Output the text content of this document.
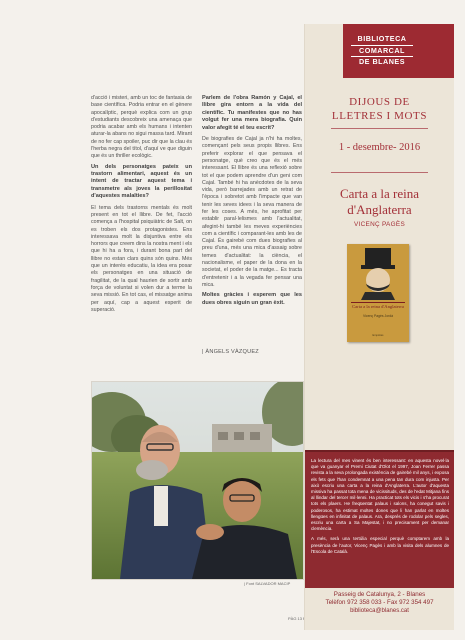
d'acció i misteri, amb un toc de fantasia de base científica. Podria entrar en el gènere apocalíptic, perquè explica com un grup d'estudiants descobreix una amenaça que podria acabar amb els humans i intenten aturar-la abans no sigui massa tard. Mirant de no fer cap spoiler, puc dir que la clau és l'herba negra del títol, d'aquí ve que diguin que és un thriller ecològic.

Un dels personatges pateix un trastorn alimentari, aquest és un intent de tractar aquest tema i transmetre als joves la perillositat d'aquestes malalties?

El tema dels trastorns mentals és molt present en tot el llibre. De fet, l'acció comença a l'hospital psiquiàtric de Salt, on es troben els dos protagonistes. Ens interessava molt la disjuntiva entre els horrors que creem dins la nostra ment i els que hi ha a fora, i durant bona part del llibre no estan clars quins són quins. Més que un interès educatiu, la idea era posar els personatges en una situació de fragilitat, de la qual haurien de sortir amb força de voluntat si volen dur a terme la seva missió. En tot cas, el missatge anima per aquí, cap a aquest esperit de superació.

Parlem de l'obra Ramón y Cajal, el llibre gira entorn a la vida del científic. Tu manifestes que no has volgut fer una mera biografia. Quin valor afegit té el teu escrit?

De biografies de Cajal ja n'hi ha moltes, començant pels seus propis llibres. Ens preferir explorar el que pensava el personatge, què creo que és el més interessant. El llibre és una reflexió sobre tot el que podem aprendre d'un geni com Cajal. També hi ha anècdotes de la seva vida, però barrejades amb un retrat de l'època i sobretot amb l'impacte que van tenir les seves idees i la seva manera de fer les coses. A més, he aprofitat per establir paral·lelismes amb l'actualitat, afegint-hi també les meves experiències com a científic i comparant-les amb les de Cajal. És gairebé com dues biografies al preu d'una, més una mica d'assaig sobre temes d'actualitat: la ciència, el nacionalisme, el paper de la dona en la societat, el poder de la matge... Es tracta d'entretenir i a la vegada fer pensar una mica.

Moltes gràcies i esperem que les dues obres siguin un gran èxit.

| ÀNGELS VÀZQUEZ
| Font SALVADOR MACIP
PÀG 13
BIBLIOTECA
COMARCAL
DE BLANES
DIJOUS DE
LLETRES I MOTS
1 - desembre- 2016
Carta a la reina
d'Anglaterra
VICENÇ PAGÈS
Carta a la reina d'Anglaterra
Vicenç Pagès Jordà
Empúries

La lectura del mes vinent és ben interessant: en aquesta novel·la que va guanyar el Premi Ciutat d'Olot el 1997, Joan Ferrer passa revista a la seva prolongada existència de gairebé mil anys, i exposa els fets que l'han condemnat a una pena tan dura com injusta. Per això escriu una carta a la reina d'Anglaterra. L'autor d'aquesta missiva ha passat tota mena de vicissituds, des de l'edat Mitjana fins al llindar del tercer mil·lenni. Ha practicat tots els vicis i s'ha procurat tots els plaers. He freqüentat palaus i salons, ha conegut savis i poderosos, ha estimat moltes dones que li han parlat en moltes llengües en infinitat de palaus. Ara, després de rodolar pels segles, escriu una carta a Sa Majestat, i no precisament per demanar clemència.

A més, serà una tertúlia especial perquè comptarem amb la presència de l'autor, Vicenç Pagès i amb la visita dels alumnes de l'Escola de Català.

Passeig de Catalunya, 2 - Blanes
Telèfon 972 358 033 - Fax 972 354 497
biblioteca@blanes.cat
